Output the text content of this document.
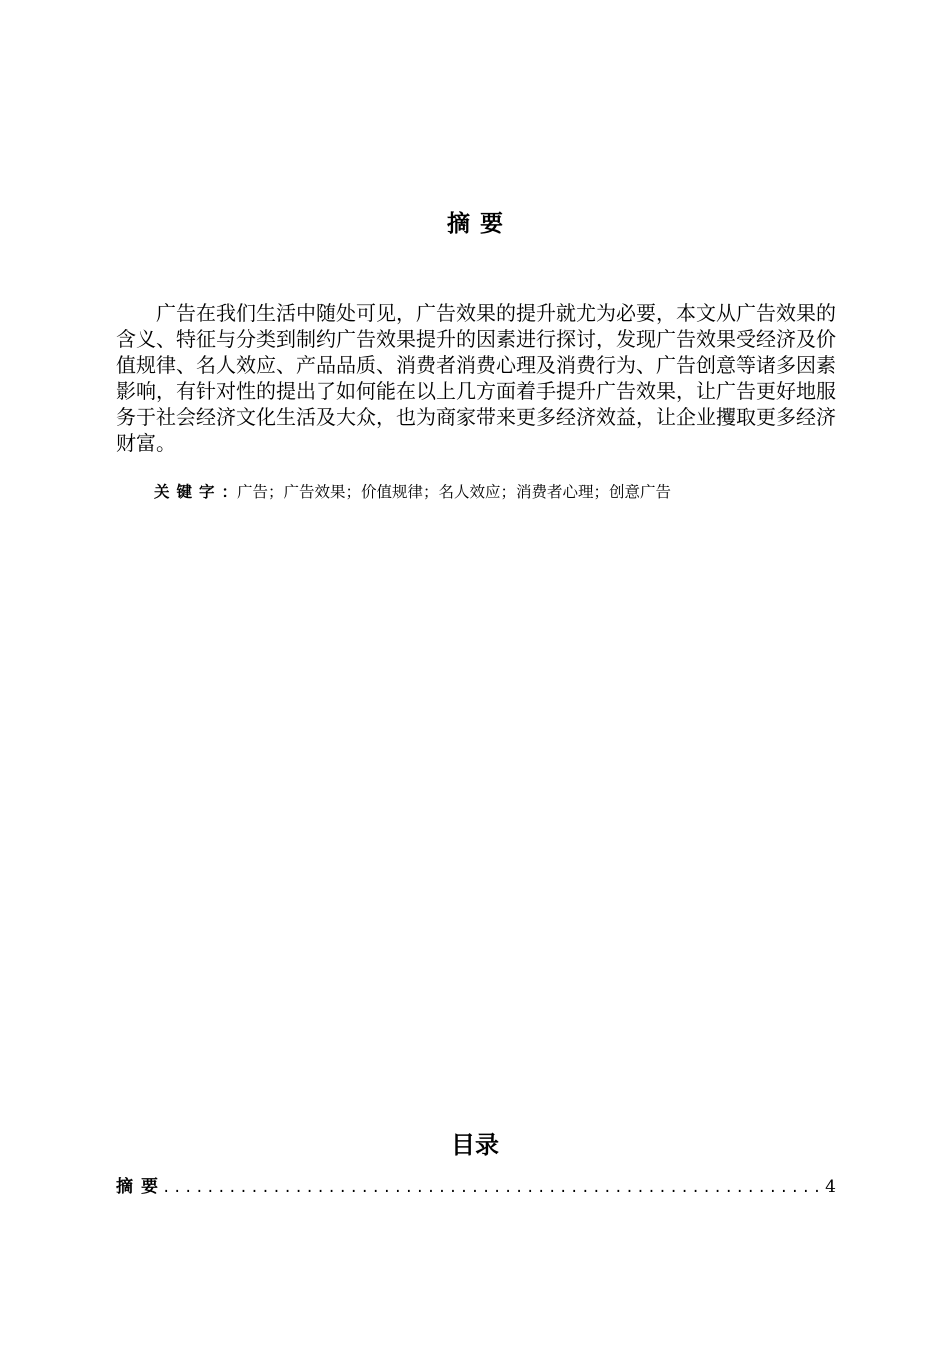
摘要

广告在我们生活中随处可见，广告效果的提升就尤为必要，本文从广告效果的含义、特征与分类到制约广告效果提升的因素进行探讨，发现广告效果受经济及价值规律、名人效应、产品品质、消费者消费心理及消费行为、广告创意等诸多因素影响，有针对性的提出了如何能在以上几方面着手提升广告效果，让广告更好地服务于社会经济文化生活及大众，也为商家带来更多经济效益，让企业攫取更多经济财富。

关键字：广告；广告效果；价值规律；名人效应；消费者心理；创意广告

目录
摘要
.....	4
